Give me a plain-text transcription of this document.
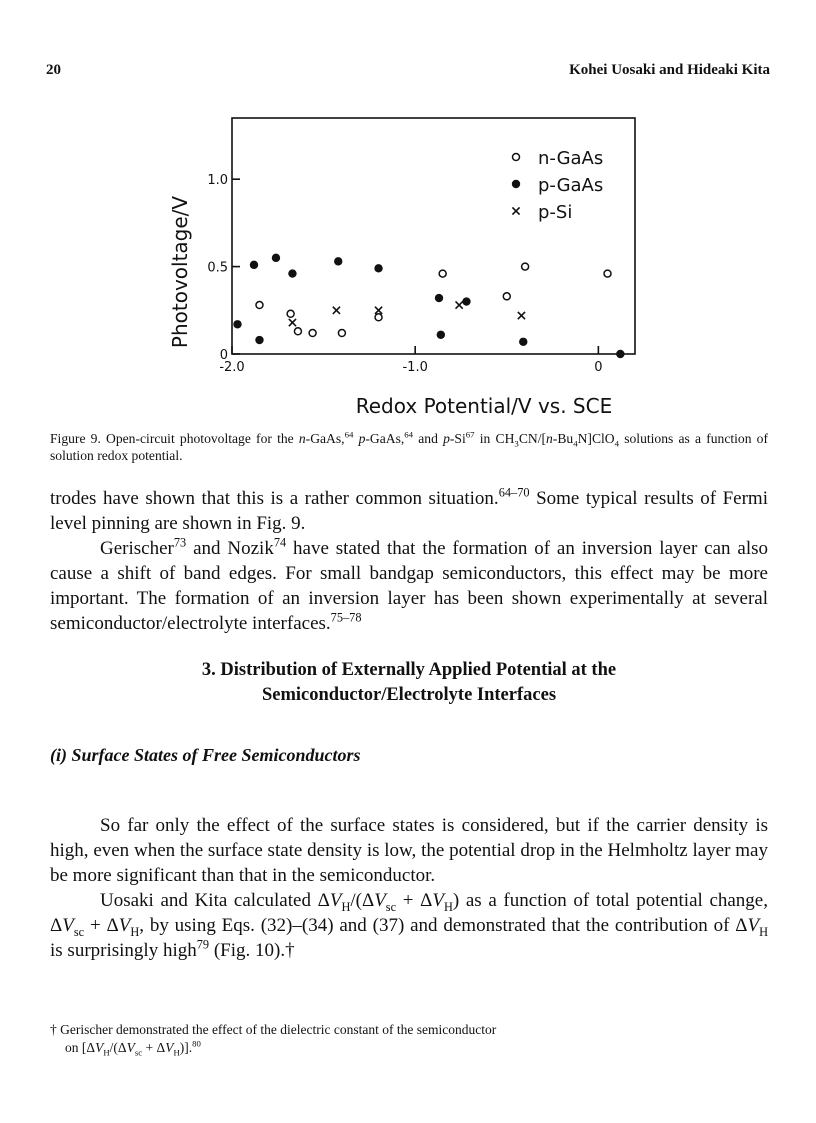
20	Kohei Uosaki and Hideaki Kita
-2.0	-1.0	0
0
0.5
1.0
n-GaAs
p-GaAs
p-Si
Photovoltage/V
Redox Potential/V vs. SCE
Figure 9. Open-circuit photovoltage for the n-GaAs,$^{64}$ p-GaAs,$^{64}$ and p-Si$^{67}$ in $CH_3CN/[n-Bu_4N]ClO_4$ solutions as a function of solution redox potential.

trodes have shown that this is a rather common situation.$^{64-70}$ Some typical results of Fermi level pinning are shown in Fig. 9.

Gerischer$^{73}$ and Nozik$^{74}$ have stated that the formation of an inversion layer can also cause a shift of band edges. For small bandgap semiconductors, this effect may be more important. The formation of an inversion layer has been shown experimentally at several semiconductor/electrolyte interfaces.$^{75-78}$

3. Distribution of Externally Applied Potential at the
Semiconductor/Electrolyte Interfaces
(i) Surface States of Free Semiconductors

So far only the effect of the surface states is considered, but if the carrier density is high, even when the surface state density is low, the potential drop in the Helmholtz layer may be more significant than that in the semiconductor.

Uosaki and Kita calculated $\Delta V_H/(\Delta V_{sc} + \Delta V_H)$ as a function of total potential change, $\Delta V_{sc} + \Delta V_H$, by using Eqs. (32)–(34) and (37) and demonstrated that the contribution of $\Delta V_H$ is surprisingly high$^{79}$ (Fig. 10).†

† Gerischer demonstrated the effect of the dielectric constant of the semiconductor
on $[\Delta V_H/(\Delta V_{sc} + \Delta V_H)].^{80}$
